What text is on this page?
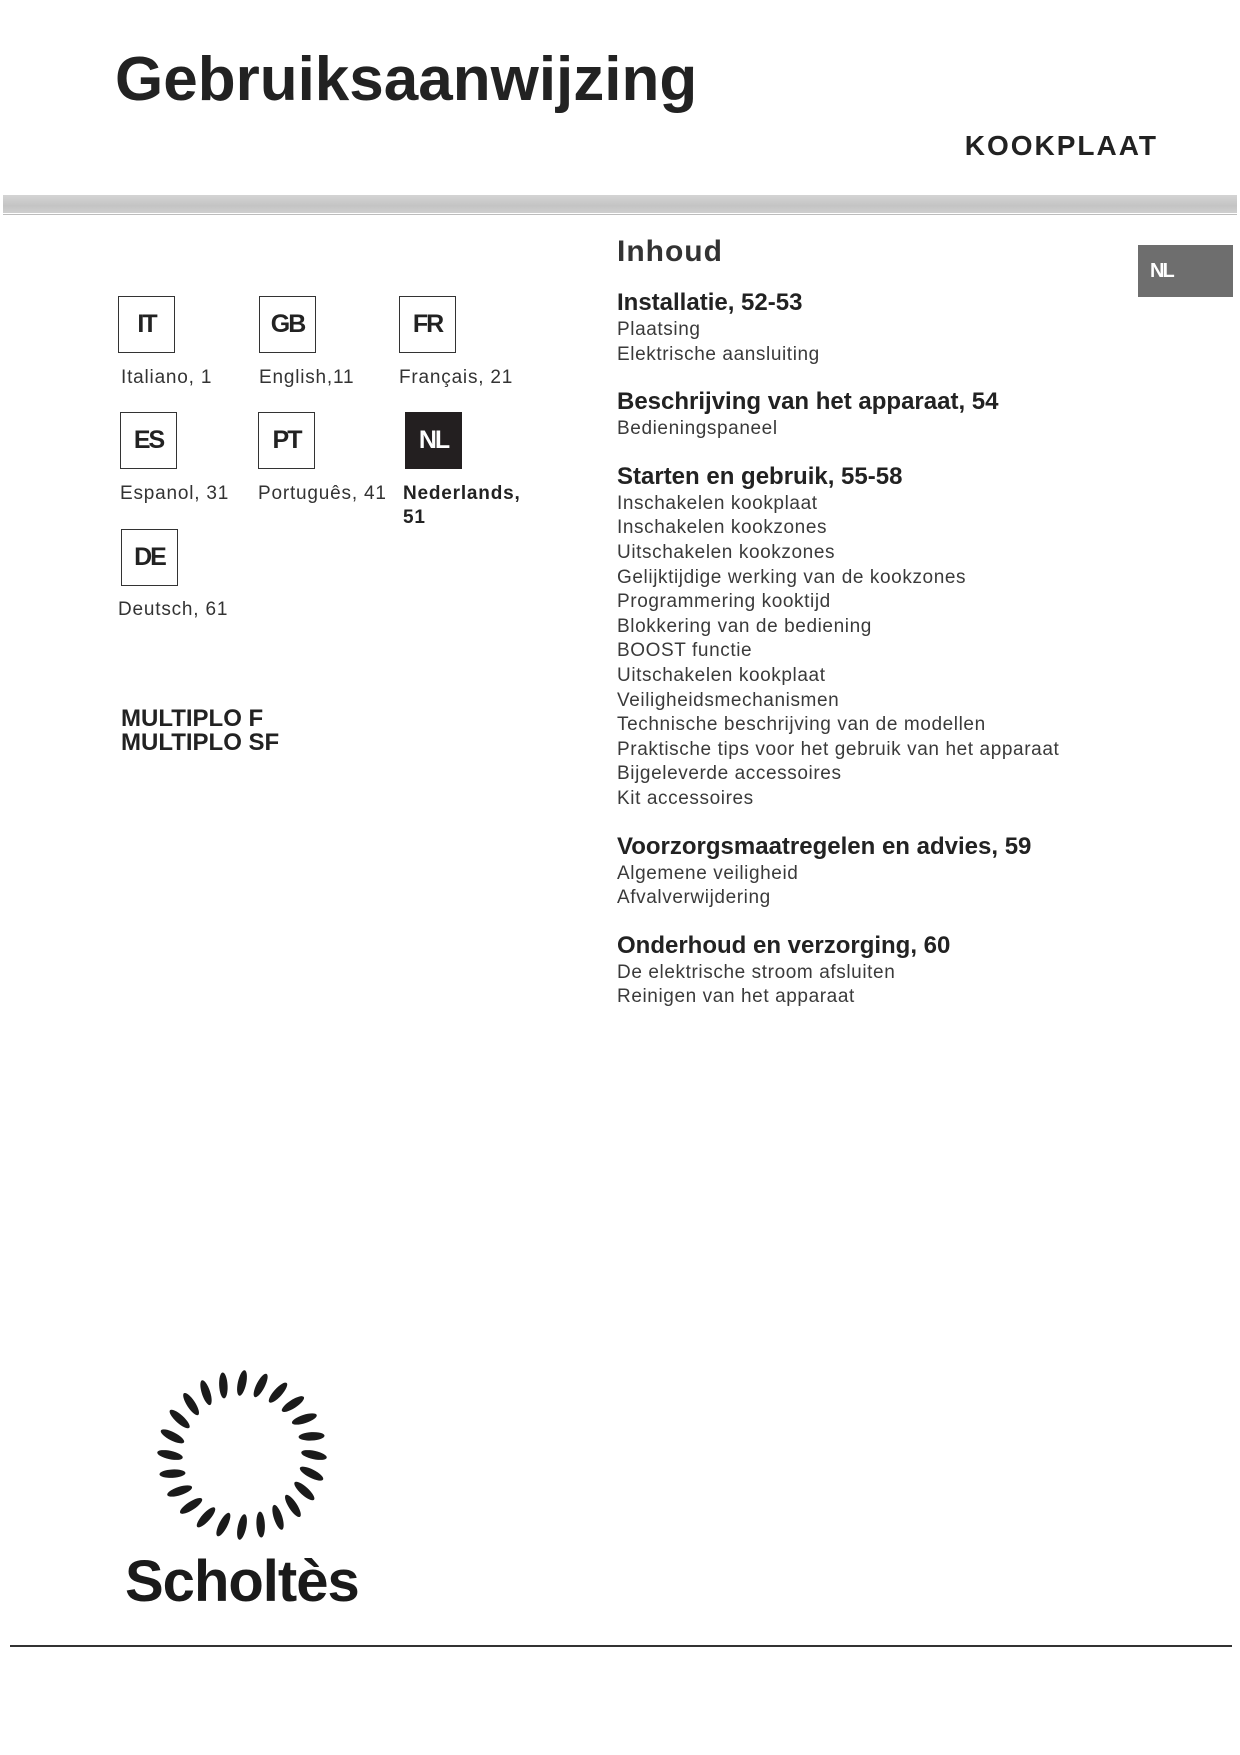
Gebruiksaanwijzing
KOOKPLAAT
NL
IT
Italiano, 1
GB
English,11
FR
Français, 21
ES
Espanol, 31
PT
Português, 41
NL
Nederlands, 51
DE
Deutsch, 61
MULTIPLO F
MULTIPLO SF
Inhoud
Installatie, 52-53
Plaatsing
Elektrische aansluiting
Beschrijving van het apparaat, 54
Bedieningspaneel
Starten en gebruik, 55-58
Inschakelen kookplaat
Inschakelen kookzones
Uitschakelen kookzones
Gelijktijdige werking van de kookzones
Programmering kooktijd
Blokkering van de bediening
BOOST functie
Uitschakelen kookplaat
Veiligheidsmechanismen
Technische beschrijving van de modellen
Praktische tips voor het gebruik van het apparaat
Bijgeleverde accessoires
Kit accessoires
Voorzorgsmaatregelen en advies, 59
Algemene veiligheid
Afvalverwijdering
Onderhoud en verzorging, 60
De elektrische stroom afsluiten
Reinigen van het apparaat
Scholtès
